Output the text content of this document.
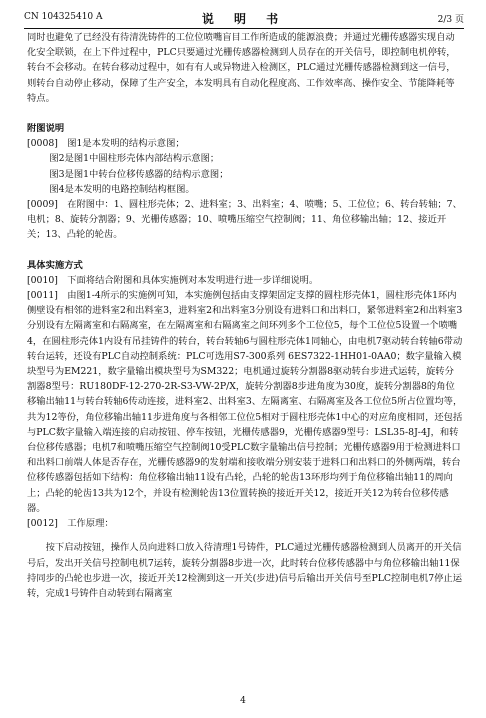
CN 104325410 A	说 明 书	2/3 页

同时也避免了已经没有待清洗铸件的工位位喷嘴盲目工作所造成的能源浪费；并通过光栅传感器实现自动化安全联锁，在上下件过程中，PLC只要通过光栅传感器检测到人员存在的开关信号，即控制电机停转，转台不会移动。在转台移动过程中，如有有人或异物进入检测区，PLC通过光栅传感器检测到这一信号，则转台自动停止移动，保障了生产安全，本发明具有自动化程度高、工作效率高、操作安全、节能降耗等特点。

附图说明

[0008]　图1是本发明的结构示意图；

图2是图1中圆柱形壳体内部结构示意图；

图3是图1中转台位移传感器的结构示意图；

图4是本发明的电路控制结构框图。

[0009]　在附图中：1、圆柱形壳体；2、进料室；3、出料室；4、喷嘴；5、工位位；6、转台转轴；7、电机；8、旋转分割器；9、光栅传感器；10、喷嘴压缩空气控制阀；11、角位移输出轴；12、接近开关；13、凸轮的轮齿。

具体实施方式

[0010]　下面将结合附图和具体实施例对本发明进行进一步详细说明。

[0011]　由图1-4所示的实施例可知，本实施例包括由支撑架固定支撑的圆柱形壳体1，圆柱形壳体1环内侧壁设有相邻的进料室2和出料室3，进料室2和出料室3分别设有进料口和出料口，紧邻进料室2和出料室3分别设有左隔离室和右隔离室，在左隔离室和右隔离室之间环列多个工位位5，每个工位位5设置一个喷嘴4，在圆柱形壳体1内设有吊挂铸件的转台，转台转轴6与圆柱形壳体1同轴心，由电机7驱动转台转轴6带动转台运转，还设有PLC自动控制系统：PLC可选用S7-300系列 6ES7322-1HH01-0AA0；数字量输入模块型号为EM221，数字量输出模块型号为SM322；电机通过旋转分割器8驱动转台步进式运转，旋转分割器8型号：RU180DF-12-270-2R-S3-VW-2P/X，旋转分割器8步进角度为30度，旋转分割器8的角位移输出轴11与转台转轴6传动连接，进料室2、出料室3、左隔离室、右隔离室及各工位位5所占位置均等，共为12等份，角位移输出轴11步进角度与各相邻工位位5相对于圆柱形壳体1中心的对应角度相同，还包括与PLC数字量输入端连接的启动按钮、停车按钮，光栅传感器9，光栅传感器9型号：LSL35-8J-4J，和转台位移传感器；电机7和喷嘴压缩空气控制阀10受PLC数字量输出信号控制；光栅传感器9用于检测进料口和出料口前端人体是否存在，光栅传感器9的发射端和接收端分别安装于进料口和出料口的外侧两端，转台位移传感器包括如下结构：角位移输出轴11设有凸轮，凸轮的轮齿13环形均列于角位移输出轴11的周向上；凸轮的轮齿13共为12个，并设有检测轮齿13位置转换的接近开关12，接近开关12为转台位移传感器。

[0012]　工作原理：

按下启动按钮，操作人员向进料口放入待清理1号铸件，PLC通过光栅传感器检测到人员离开的开关信号后，发出开关信号控制电机7运转，旋转分割器8步进一次，此时转台位移传感器中与角位移输出轴11保持同步的凸轮也步进一次，接近开关12检测到这一开关(步进)信号后输出开关信号至PLC控制电机7停止运转，完成1号铸件自动转到右隔离室

4
